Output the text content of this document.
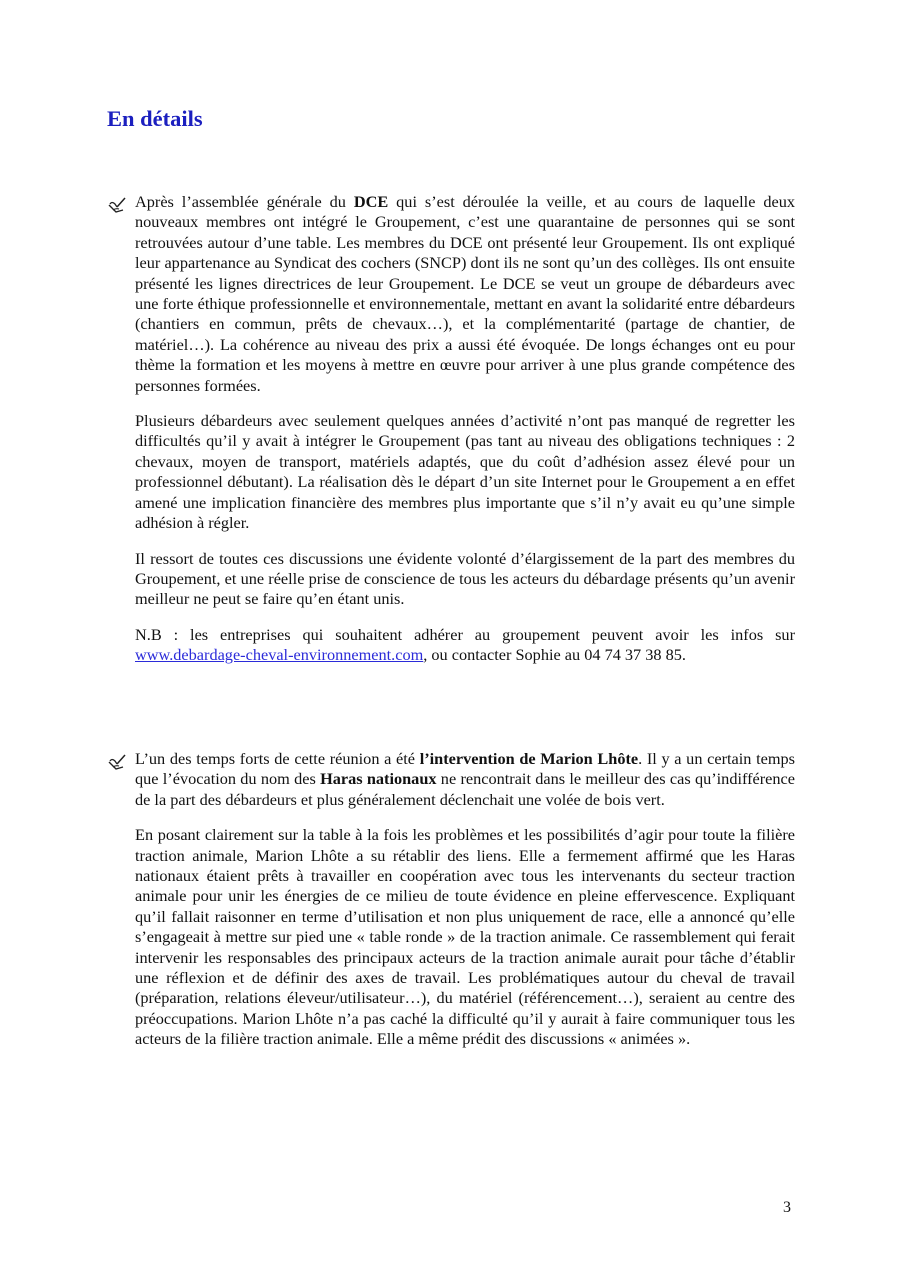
En détails

Après l’assemblée générale du DCE qui s’est déroulée la veille, et au cours de laquelle deux nouveaux membres ont intégré le Groupement, c’est une quarantaine de personnes qui se sont retrouvées autour d’une table. Les membres du DCE ont présenté leur Groupement. Ils ont expliqué leur appartenance au Syndicat des cochers (SNCP) dont ils ne sont qu’un des collèges. Ils ont ensuite présenté les lignes directrices de leur Groupement. Le DCE se veut un groupe de débardeurs avec une forte éthique professionnelle et environnementale, mettant en avant la solidarité entre débardeurs (chantiers en commun, prêts de chevaux…), et la complémentarité (partage de chantier, de matériel…). La cohérence au niveau des prix a aussi été évoquée. De longs échanges ont eu pour thème la formation et les moyens à mettre en œuvre pour arriver à une plus grande compétence des personnes formées.

Plusieurs débardeurs avec seulement quelques années d’activité n’ont pas manqué de regretter les difficultés qu’il y avait à intégrer le Groupement (pas tant au niveau des obligations techniques : 2 chevaux, moyen de transport, matériels adaptés, que du coût d’adhésion assez élevé pour un professionnel débutant). La réalisation dès le départ d’un site Internet pour le Groupement a en effet amené une implication financière des membres plus importante que s’il n’y avait eu qu’une simple adhésion à régler.

Il ressort de toutes ces discussions une évidente volonté d’élargissement de la part des membres du Groupement, et une réelle prise de conscience de tous les acteurs du débardage présents qu’un avenir meilleur ne peut se faire qu’en étant unis.

N.B : les entreprises qui souhaitent adhérer au groupement peuvent avoir les infos sur www.debardage-cheval-environnement.com, ou contacter Sophie au 04 74 37 38 85.

L’un des temps forts de cette réunion a été l’intervention de Marion Lhôte. Il y a un certain temps que l’évocation du nom des Haras nationaux ne rencontrait dans le meilleur des cas qu’indifférence de la part des débardeurs et plus généralement déclenchait une volée de bois vert.

En posant clairement sur la table à la fois les problèmes et les possibilités d’agir pour toute la filière traction animale, Marion Lhôte a su rétablir des liens. Elle a fermement affirmé que les Haras nationaux étaient prêts à travailler en coopération avec tous les intervenants du secteur traction animale pour unir les énergies de ce milieu de toute évidence en pleine effervescence. Expliquant qu’il fallait raisonner en terme d’utilisation et non plus uniquement de race, elle a annoncé qu’elle s’engageait à mettre sur pied une « table ronde » de la traction animale. Ce rassemblement qui ferait intervenir les responsables des principaux acteurs de la traction animale aurait pour tâche d’établir une réflexion et de définir des axes de travail. Les problématiques autour du cheval de travail (préparation, relations éleveur/utilisateur…), du matériel (référencement…), seraient au centre des préoccupations. Marion Lhôte n’a pas caché la difficulté qu’il y aurait à faire communiquer tous les acteurs de la filière traction animale. Elle a même prédit des discussions « animées ».

3
